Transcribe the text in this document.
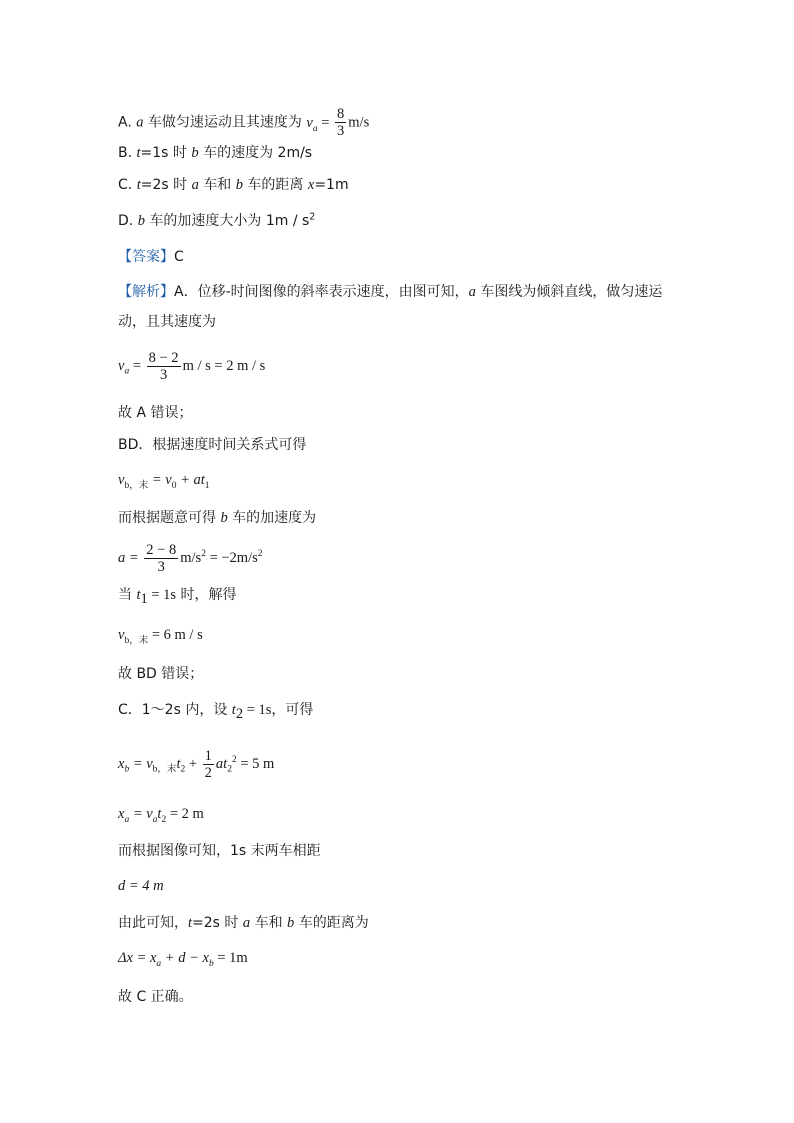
A. a 车做匀速运动且其速度为 $v_a = \frac{8}{3} m/s$
B. t=1s 时 b 车的速度为 2m/s
C. t=2s 时 a 车和 b 车的距离 x=1m
D. b 车的加速度大小为 $1m / s^2$
【答案】C
【解析】A．位移-时间图像的斜率表示速度，由图可知，a 车图线为倾斜直线，做匀速运
动，且其速度为
$v_a = \frac{8 - 2}{3}$ m / s = 2 m / s
故 A 错误；
BD．根据速度时间关系式可得
$v_{b,末} = v_0 + at_1$
而根据题意可得 b 车的加速度为
$a = \frac{2 - 8}{3} m/s^2 = -2m/s^2$
当 $t_1 = 1s$ 时，解得
$v_{b,末} = 6$ m / s
故 BD 错误；
C．1～2s 内，设 $t_2 = 1s$，可得
$x_b = v_{b,末}t_2 + \frac{1}{2} at_2^2 = 5$ m
$x_a = v_at_2 = 2$ m
而根据图像可知，1s 末两车相距
d = 4 m
由此可知，t=2s 时 a 车和 b 车的距离为
$\Delta x = x_a + d - x_b = 1m$
故 C 正确。
